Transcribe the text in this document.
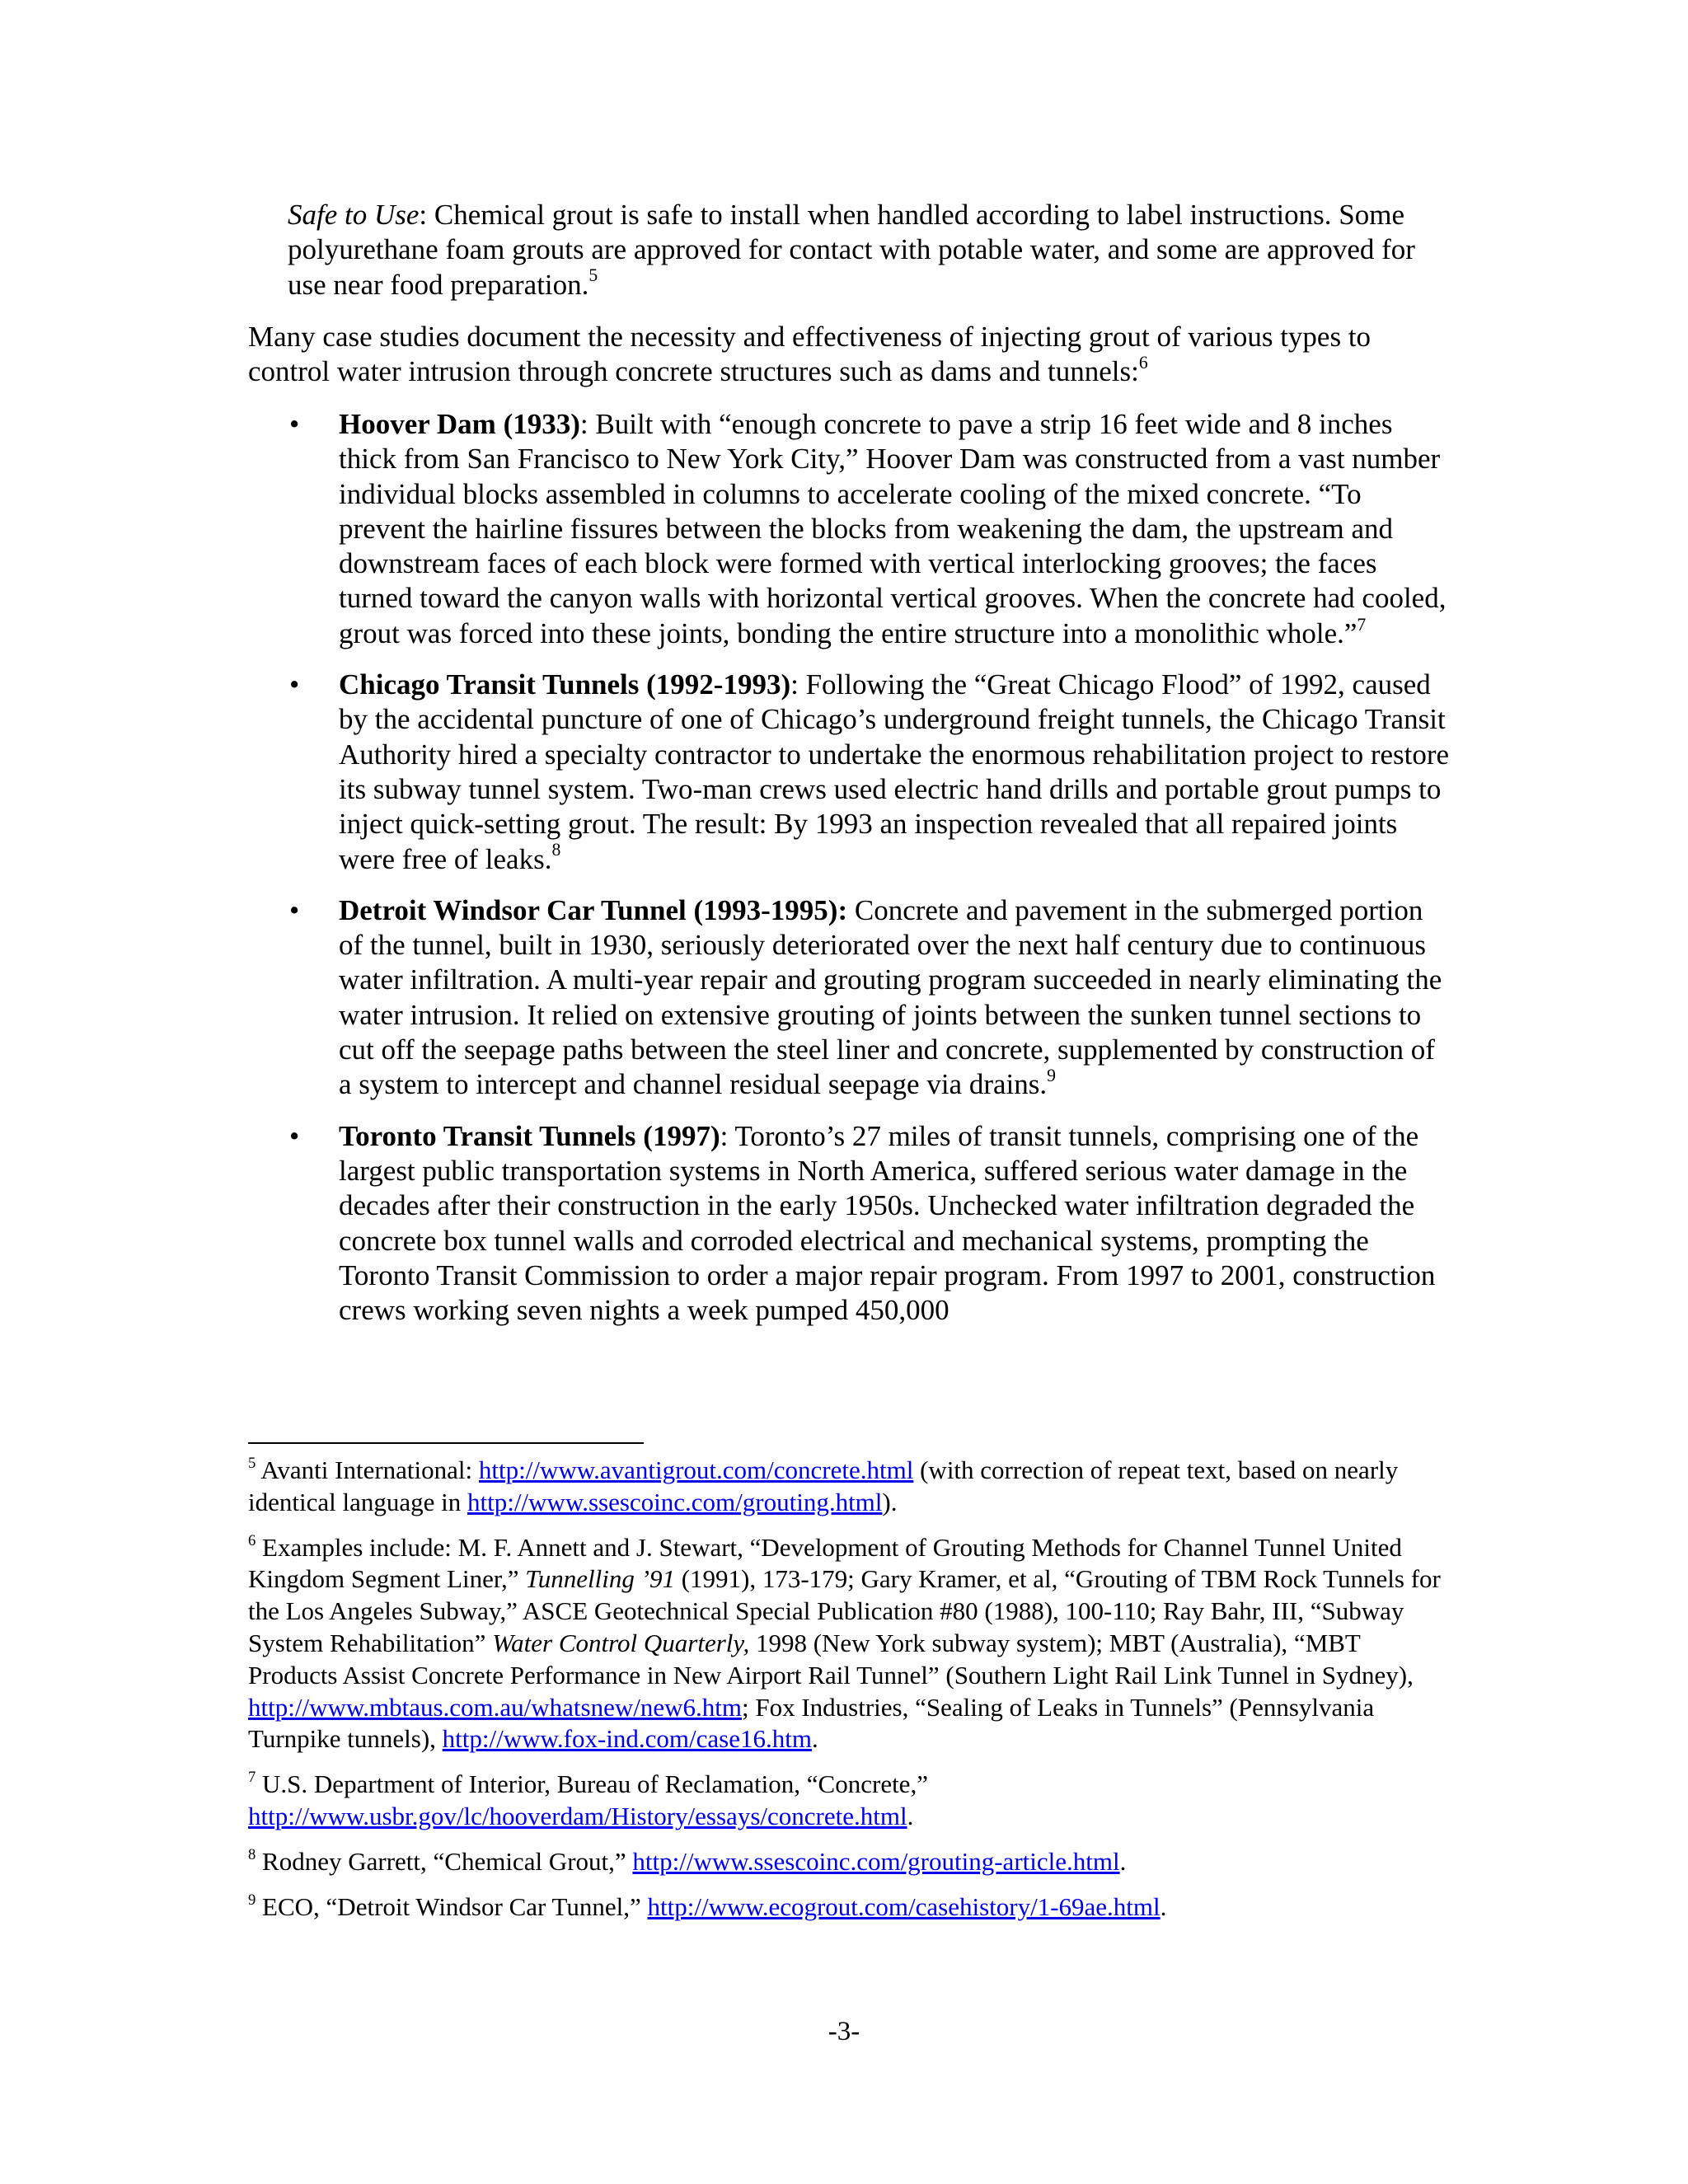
Safe to Use: Chemical grout is safe to install when handled according to label instructions. Some polyurethane foam grouts are approved for contact with potable water, and some are approved for use near food preparation.$^5$

Many case studies document the necessity and effectiveness of injecting grout of various types to control water intrusion through concrete structures such as dams and tunnels:$^6$

• Hoover Dam (1933): Built with “enough concrete to pave a strip 16 feet wide and 8 inches thick from San Francisco to New York City,” Hoover Dam was constructed from a vast number individual blocks assembled in columns to accelerate cooling of the mixed concrete. “To prevent the hairline fissures between the blocks from weakening the dam, the upstream and downstream faces of each block were formed with vertical interlocking grooves; the faces turned toward the canyon walls with horizontal vertical grooves. When the concrete had cooled, grout was forced into these joints, bonding the entire structure into a monolithic whole.”$^7$
• Chicago Transit Tunnels (1992-1993): Following the “Great Chicago Flood” of 1992, caused by the accidental puncture of one of Chicago’s underground freight tunnels, the Chicago Transit Authority hired a specialty contractor to undertake the enormous rehabilitation project to restore its subway tunnel system. Two-man crews used electric hand drills and portable grout pumps to inject quick-setting grout. The result: By 1993 an inspection revealed that all repaired joints were free of leaks.$^8$
• Detroit Windsor Car Tunnel (1993-1995): Concrete and pavement in the submerged portion of the tunnel, built in 1930, seriously deteriorated over the next half century due to continuous water infiltration. A multi-year repair and grouting program succeeded in nearly eliminating the water intrusion. It relied on extensive grouting of joints between the sunken tunnel sections to cut off the seepage paths between the steel liner and concrete, supplemented by construction of a system to intercept and channel residual seepage via drains.$^9$
• Toronto Transit Tunnels (1997): Toronto’s 27 miles of transit tunnels, comprising one of the largest public transportation systems in North America, suffered serious water damage in the decades after their construction in the early 1950s. Unchecked water infiltration degraded the concrete box tunnel walls and corroded electrical and mechanical systems, prompting the Toronto Transit Commission to order a major repair program. From 1997 to 2001, construction crews working seven nights a week pumped 450,000

$^5$ Avanti International: http://www.avantigrout.com/concrete.html (with correction of repeat text, based on nearly identical language in http://www.ssescoinc.com/grouting.html).

$^6$ Examples include: M. F. Annett and J. Stewart, “Development of Grouting Methods for Channel Tunnel United Kingdom Segment Liner,” Tunnelling ’91 (1991), 173-179; Gary Kramer, et al, “Grouting of TBM Rock Tunnels for the Los Angeles Subway,” ASCE Geotechnical Special Publication #80 (1988), 100-110; Ray Bahr, III, “Subway System Rehabilitation” Water Control Quarterly, 1998 (New York subway system); MBT (Australia), “MBT Products Assist Concrete Performance in New Airport Rail Tunnel” (Southern Light Rail Link Tunnel in Sydney), http://www.mbtaus.com.au/whatsnew/new6.htm; Fox Industries, “Sealing of Leaks in Tunnels” (Pennsylvania Turnpike tunnels), http://www.fox-ind.com/case16.htm.

$^7$ U.S. Department of Interior, Bureau of Reclamation, “Concrete,” http://www.usbr.gov/lc/hooverdam/History/essays/concrete.html.

$^8$ Rodney Garrett, “Chemical Grout,” http://www.ssescoinc.com/grouting-article.html.

$^9$ ECO, “Detroit Windsor Car Tunnel,” http://www.ecogrout.com/casehistory/1-69ae.html.

-3-
